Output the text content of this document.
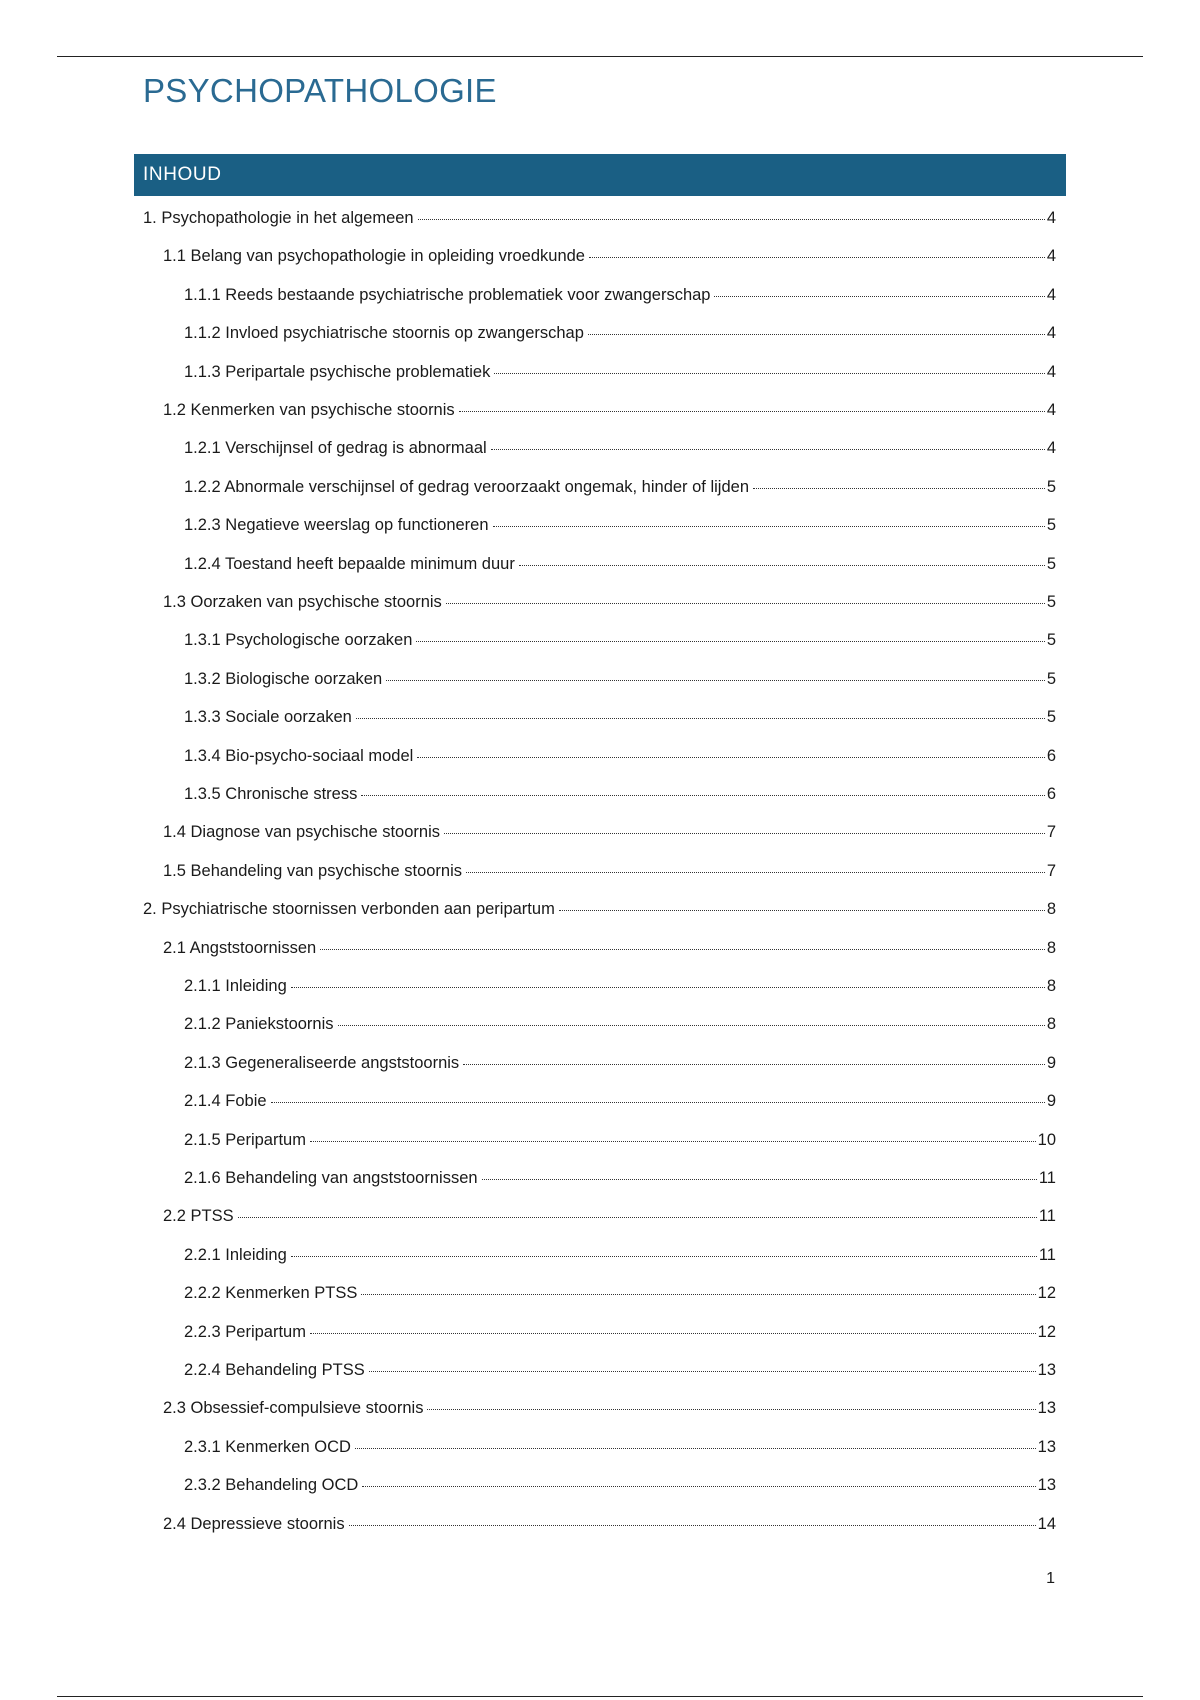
PSYCHOPATHOLOGIE
INHOUD
1. Psychopathologie in het algemeen	4
1.1 Belang van psychopathologie in opleiding vroedkunde	4
1.1.1 Reeds bestaande psychiatrische problematiek voor zwangerschap	4
1.1.2 Invloed psychiatrische stoornis op zwangerschap	4
1.1.3 Peripartale psychische problematiek	4
1.2 Kenmerken van psychische stoornis	4
1.2.1 Verschijnsel of gedrag is abnormaal	4
1.2.2 Abnormale verschijnsel of gedrag veroorzaakt ongemak, hinder of lijden	5
1.2.3 Negatieve weerslag op functioneren	5
1.2.4 Toestand heeft bepaalde minimum duur	5
1.3 Oorzaken van psychische stoornis	5
1.3.1 Psychologische oorzaken	5
1.3.2 Biologische oorzaken	5
1.3.3 Sociale oorzaken	5
1.3.4 Bio-psycho-sociaal model	6
1.3.5 Chronische stress	6
1.4 Diagnose van psychische stoornis	7
1.5 Behandeling van psychische stoornis	7
2. Psychiatrische stoornissen verbonden aan peripartum	8
2.1 Angststoornissen	8
2.1.1 Inleiding	8
2.1.2 Paniekstoornis	8
2.1.3 Gegeneraliseerde angststoornis	9
2.1.4 Fobie	9
2.1.5 Peripartum	10
2.1.6 Behandeling van angststoornissen	11
2.2 PTSS	11
2.2.1 Inleiding	11
2.2.2 Kenmerken PTSS	12
2.2.3 Peripartum	12
2.2.4 Behandeling PTSS	13
2.3 Obsessief-compulsieve stoornis	13
2.3.1 Kenmerken OCD	13
2.3.2 Behandeling OCD	13
2.4 Depressieve stoornis	14
1
